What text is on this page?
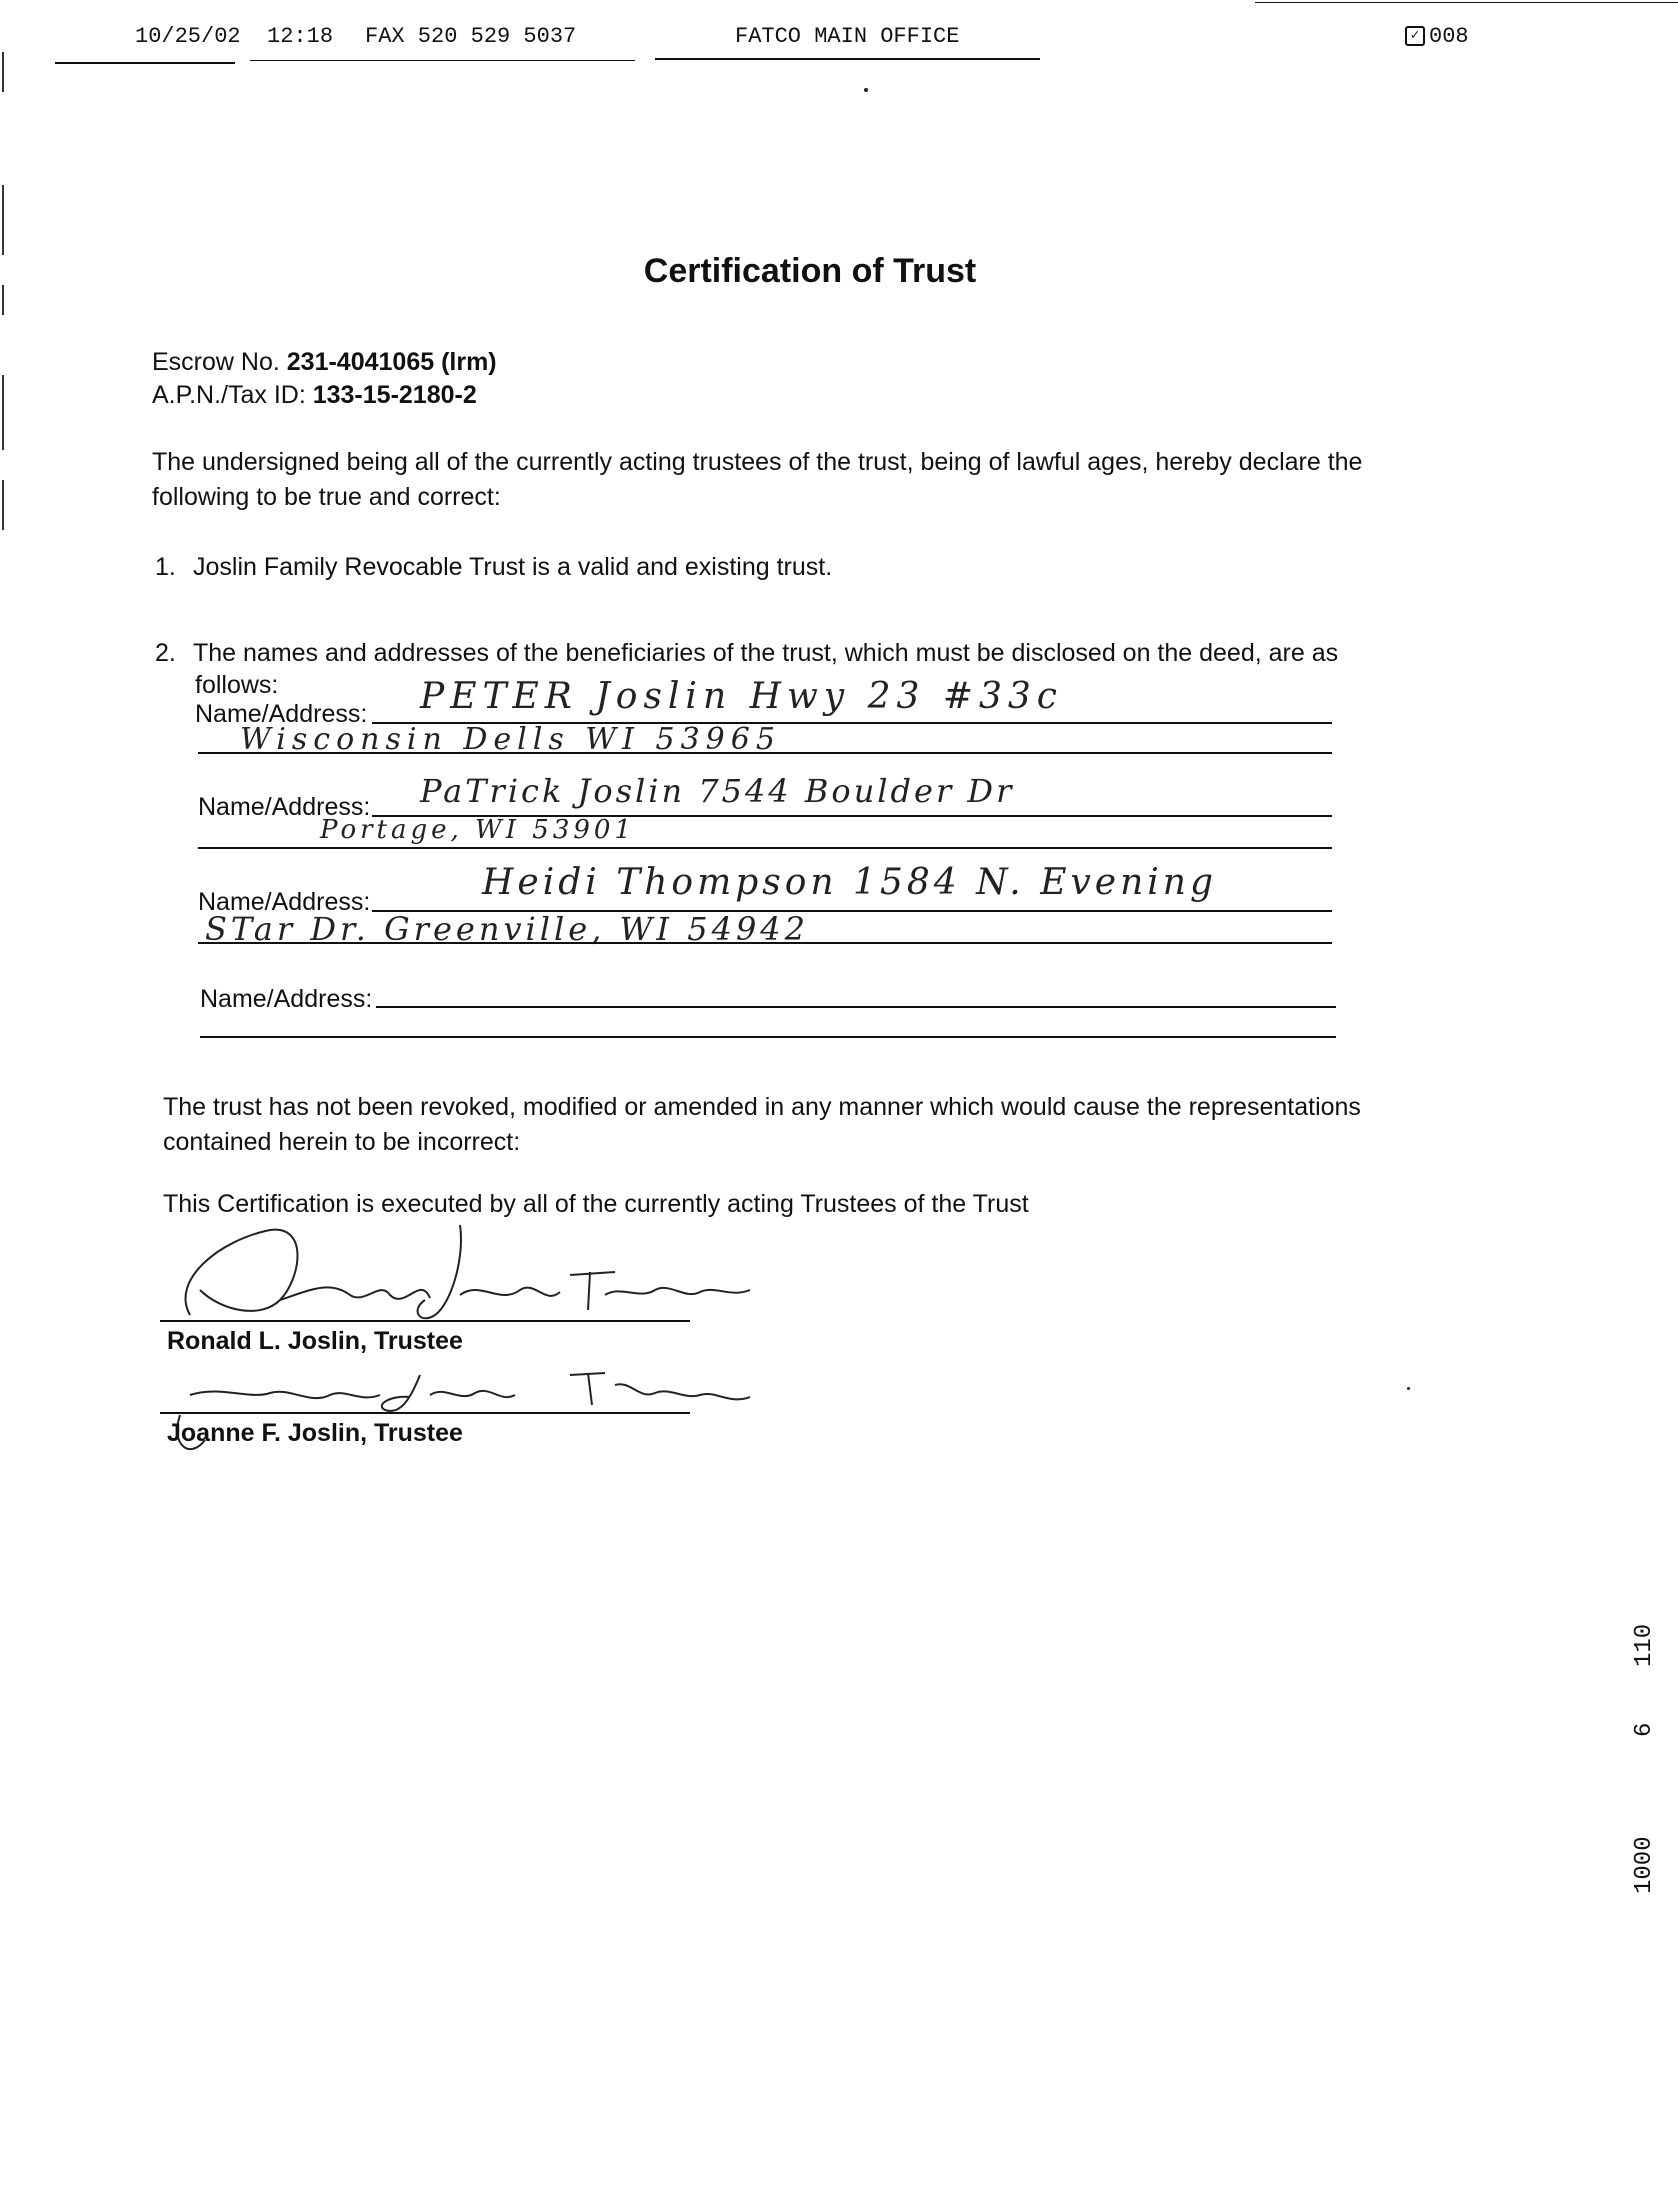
10/25/02  12:18 FAX 520 529 5037	FATCO MAIN OFFICE	✓ 008
Certification of Trust
Escrow No. 231-4041065 (lrm)
A.P.N./Tax ID: 133-15-2180-2
The undersigned being all of the currently acting trustees of the trust, being of lawful ages, hereby declare the
following to be true and correct:
1. Joslin Family Revocable Trust is a valid and existing trust.
2. The names and addresses of the beneficiaries of the trust, which must be disclosed on the deed, are as
follows:
Name/Address: PETER Joslin Hwy 23 #33c
Wisconsin Dells WI 53965
Name/Address: PaTrick Joslin 7544 Boulder Dr
Portage, WI 53901
Name/Address:	Heidi Thompson 1584 N. Evening
STar Dr. Greenville, WI 54942
Name/Address:
The trust has not been revoked, modified or amended in any manner which would cause the representations
contained herein to be incorrect:
This Certification is executed by all of the currently acting Trustees of the Trust
Ronald L. Joslin, Trustee
Joanne F. Joslin, Trustee
110
6
1000
